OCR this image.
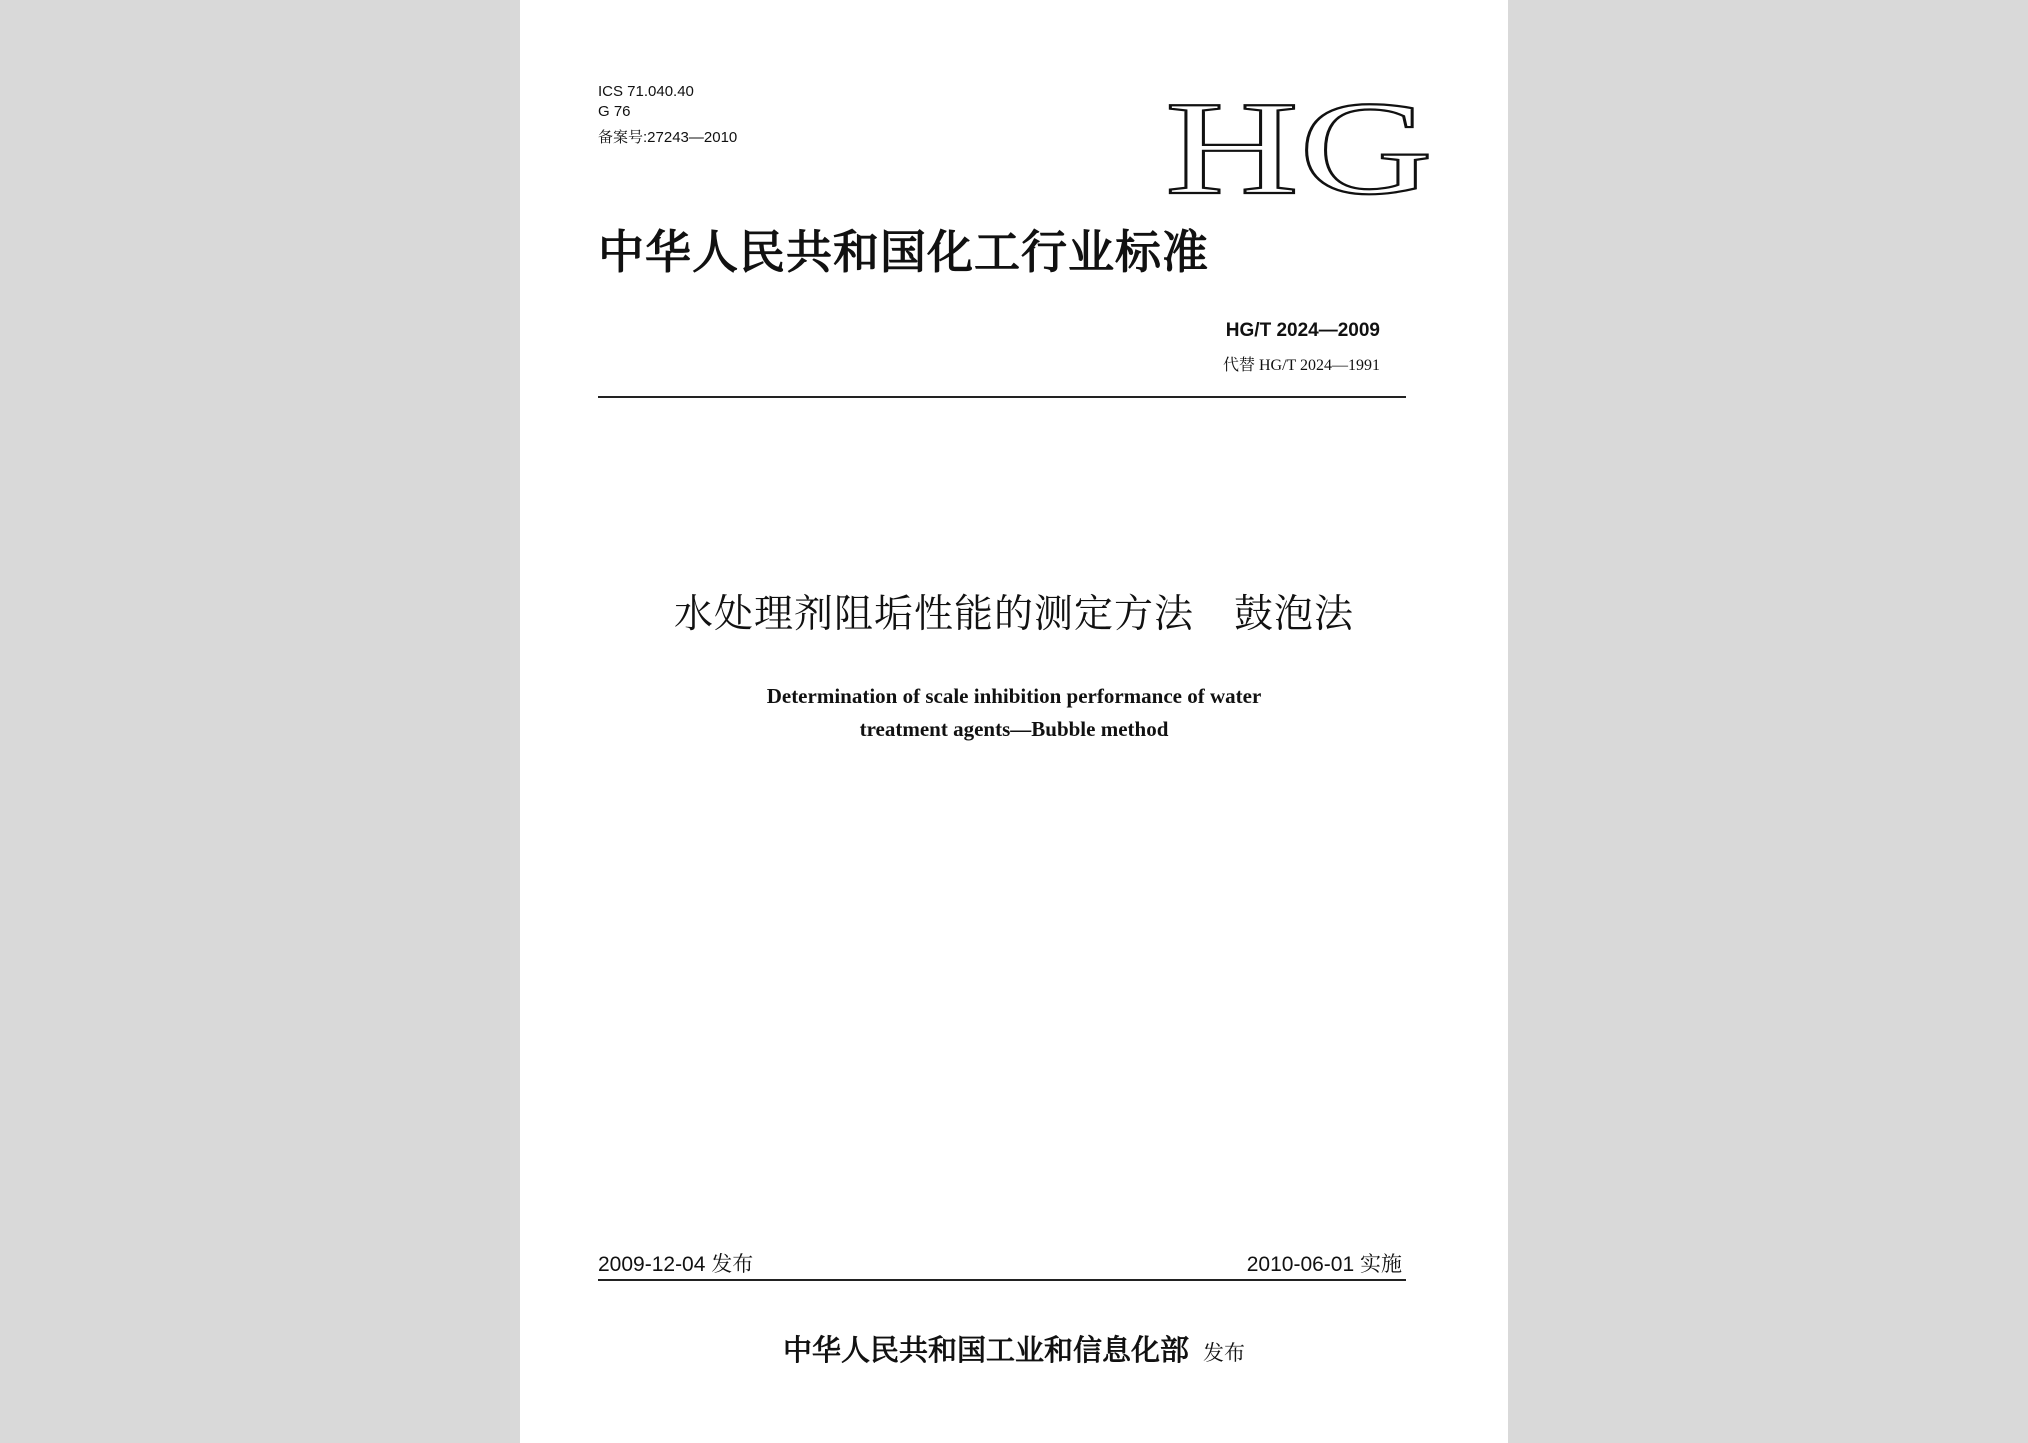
ICS 71.040.40
G 76
备案号:27243—2010	HG
中华人民共和国化工行业标准
HG/T 2024—2009
代替 HG/T 2024—1991
水处理剂阻垢性能的测定方法　鼓泡法
Determination of scale inhibition performance of water
treatment agents—Bubble method
2009-12-04 发布	2010-06-01 实施
中华人民共和国工业和信息化部 发布
